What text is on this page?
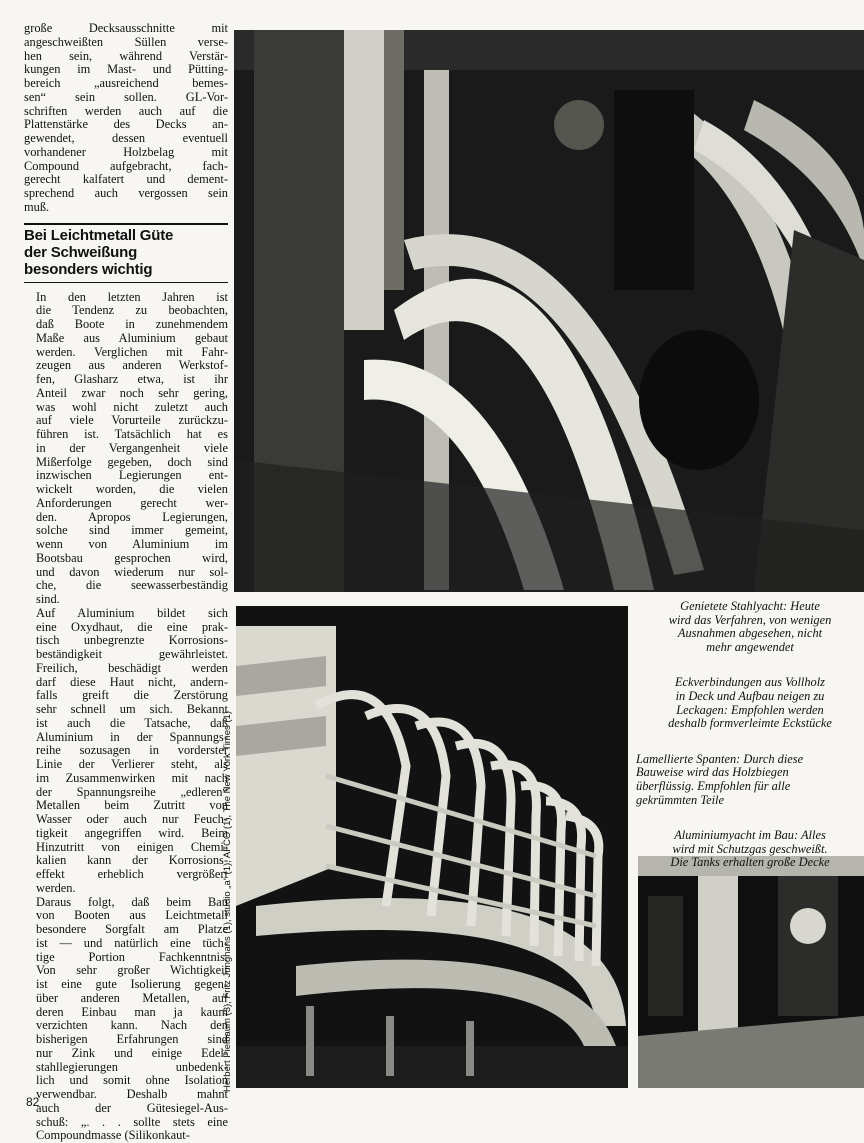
große Decksausschnitte mit
angeschweißten Süllen verse-
hen sein, während Verstär-
kungen im Mast- und Pütting-
bereich „ausreichend bemes-
sen“ sein sollen. GL-Vor-
schriften werden auch auf die
Plattenstärke des Decks an-
gewendet, dessen eventuell
vorhandener Holzbelag mit
Compound aufgebracht, fach-
gerecht kalfatert und dement-
sprechend auch vergossen sein
muß.

Bei Leichtmetall Güte
der Schweißung
besonders wichtig

In den letzten Jahren ist
die Tendenz zu beobachten,
daß Boote in zunehmendem
Maße aus Aluminium gebaut
werden. Verglichen mit Fahr-
zeugen aus anderen Werkstof-
fen, Glasharz etwa, ist ihr
Anteil zwar noch sehr gering,
was wohl nicht zuletzt auch
auf viele Vorurteile zurückzu-
führen ist. Tatsächlich hat es
in der Vergangenheit viele
Mißerfolge gegeben, doch sind
inzwischen Legierungen ent-
wickelt worden, die vielen
Anforderungen gerecht wer-
den. Apropos Legierungen,
solche sind immer gemeint,
wenn von Aluminium im
Bootsbau gesprochen wird,
und davon wiederum nur sol-
che, die seewasserbeständig
sind.

Auf Aluminium bildet sich
eine Oxydhaut, die eine prak-
tisch unbegrenzte Korrosions-
beständigkeit gewährleistet.
Freilich, beschädigt werden
darf diese Haut nicht, andern-
falls greift die Zerstörung
sehr schnell um sich. Bekannt
ist auch die Tatsache, daß
Aluminium in der Spannungs-
reihe sozusagen in vorderster
Linie der Verlierer steht, als
im Zusammenwirken mit nach
der Spannungsreihe „edleren“
Metallen beim Zutritt von
Wasser oder auch nur Feuch-
tigkeit angegriffen wird. Beim
Hinzutritt von einigen Chemi-
kalien kann der Korrosions-
effekt erheblich vergrößert
werden.

Daraus folgt, daß beim Bau
von Booten aus Leichtmetall
besondere Sorgfalt am Platze
ist — und natürlich eine tüch-
tige Portion Fachkenntnis.
Von sehr großer Wichtigkeit
ist eine gute Isolierung gegen-
über anderen Metallen, auf
deren Einbau man ja kaum
verzichten kann. Nach den
bisherigen Erfahrungen sind
nur Zink und einige Edel-
stahllegierungen unbedenk-
lich und somit ohne Isolation
verwendbar. Deshalb mahnt
auch der Gütesiegel-Aus-
schuß: „. . . sollte stets eine
Compoundmasse (Silikonkaut-

Genietete Stahlyacht: Heute
wird das Verfahren, von wenigen
Ausnahmen abgesehen, nicht
mehr angewendet
Eckverbindungen aus Vollholz
in Deck und Aufbau neigen zu
Leckagen: Empfohlen werden
deshalb formverleimte Eckstücke
Lamellierte Spanten: Durch diese
Bauweise wird das Holzbiegen
überflüssig. Empfohlen für alle
gekrümmten Teile
Aluminiumyacht im Bau: Alles
wird mit Schutzgas geschweißt.
Die Tanks erhalten große Decke
Herbert Pielbaum (3), Fritz Junghans (1), studio „a“ (1), AFCO (1), The New York Times (1)
82
